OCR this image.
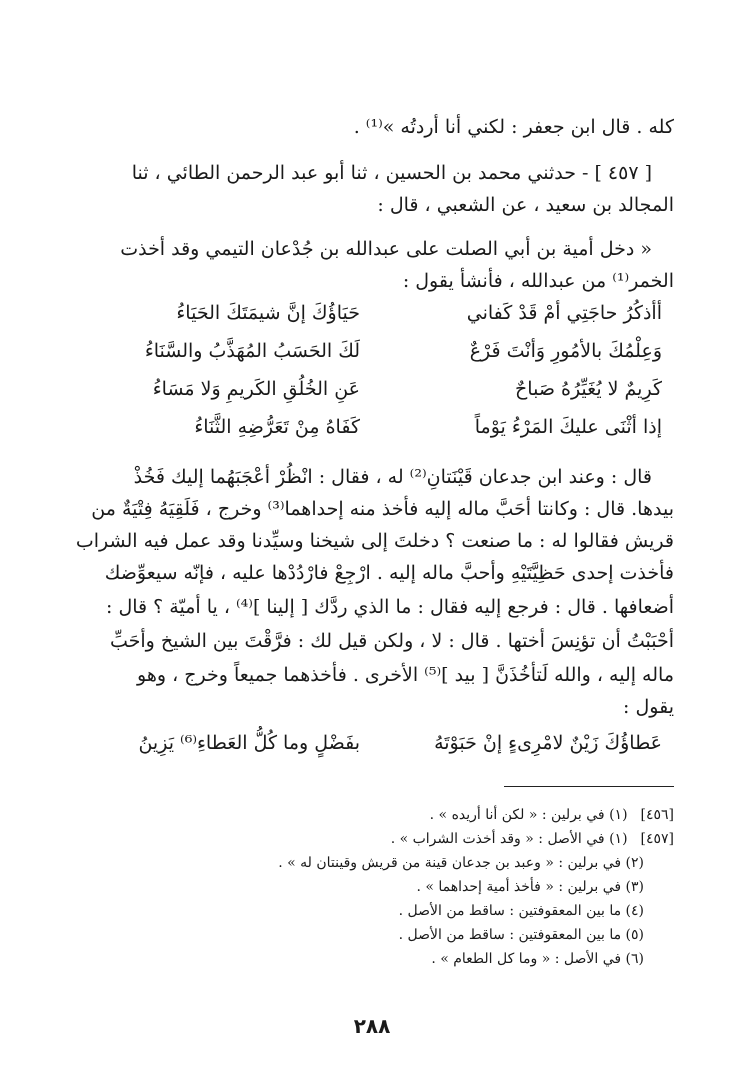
كله . قال ابن جعفر : لكني أنا أردتُه »⁽¹⁾ .
[ ٤٥٧ ] - حدثني محمد بن الحسين ، ثنا أبو عبد الرحمن الطائي ، ثنا
المجالد بن سعيد ، عن الشعبي ، قال :
« دخل أمية بن أبي الصلت على عبدالله بن جُدْعان التيمي وقد أخذت
الخمر⁽¹⁾ من عبدالله ، فأنشأ يقول :
أأذكُرُ حاجَتِي أمْ قَدْ كَفاني
حَيَاؤُكَ إنَّ شيمَتَكَ الحَيَاءُ
وَعِلْمُكَ بالأمُورِ وَأنْتَ فَرْعٌ
لَكَ الحَسَبُ المُهَذَّبُ والسَّنَاءُ
كَرِيمٌ لا يُغَيِّرُهُ صَباحٌ
عَنِ الخُلُقِ الكَريمِ وَلا مَسَاءُ
إذا أثْنَى عليكَ المَرْءُ يَوْماً
كَفَاهُ مِنْ تَعَرُّضِهِ الثَّنَاءُ
قال : وعند ابن جدعان قَيْنَتانِ⁽²⁾ له ، فقال : انْظُرْ أعْجَبَهُما إليك فَخُذْ
بيدها. قال : وكانتا أحَبَّ ماله إليه فأخذ منه إحداهما⁽³⁾ وخرج ، فَلَقِيَهُ فِتْيَةٌ من
قريش فقالوا له : ما صنعت ؟ دخلتَ إلى شيخنا وسيِّدنا وقد عمل فيه الشراب
فأخذت إحدى حَظِيَّتَيْهِ وأحبَّ ماله إليه . ارْجِعْ فارْدُدْها عليه ، فإنّه سيعوِّضك
أضعافها . قال : فرجع إليه فقال : ما الذي ردَّك [ إلينا ]⁽⁴⁾ ، يا أميّة ؟ قال :
أحْبَبْتُ أن تؤنِسَ أختها . قال : لا ، ولكن قيل لك : فرَّقْتَ بين الشيخ وأحَبِّ
ماله إليه ، والله لَتأْخُذَنَّ [ بيد ]⁽⁵⁾ الأخرى . فأخذهما جميعاً وخرج ، وهو
يقول :
عَطاؤُكَ زَيْنٌ لامْرِىءٍ إنْ حَبَوْتَهُ
بفَضْلٍ وما كُلُّ العَطاءِ⁽⁶⁾ يَزِينُ
[٤٥٦] (١) في برلين : « لكن أنا أريده » .
[٤٥٧] (١) في الأصل : « وقد أخذت الشراب » .
(٢) في برلين : « وعبد بن جدعان قينة من قريش وقينتان له » .
(٣) في برلين : « فأخذ أمية إحداهما » .
(٤) ما بين المعقوفتين : ساقط من الأصل .
(٥) ما بين المعقوفتين : ساقط من الأصل .
(٦) في الأصل : « وما كل الطعام » .
٢٨٨
